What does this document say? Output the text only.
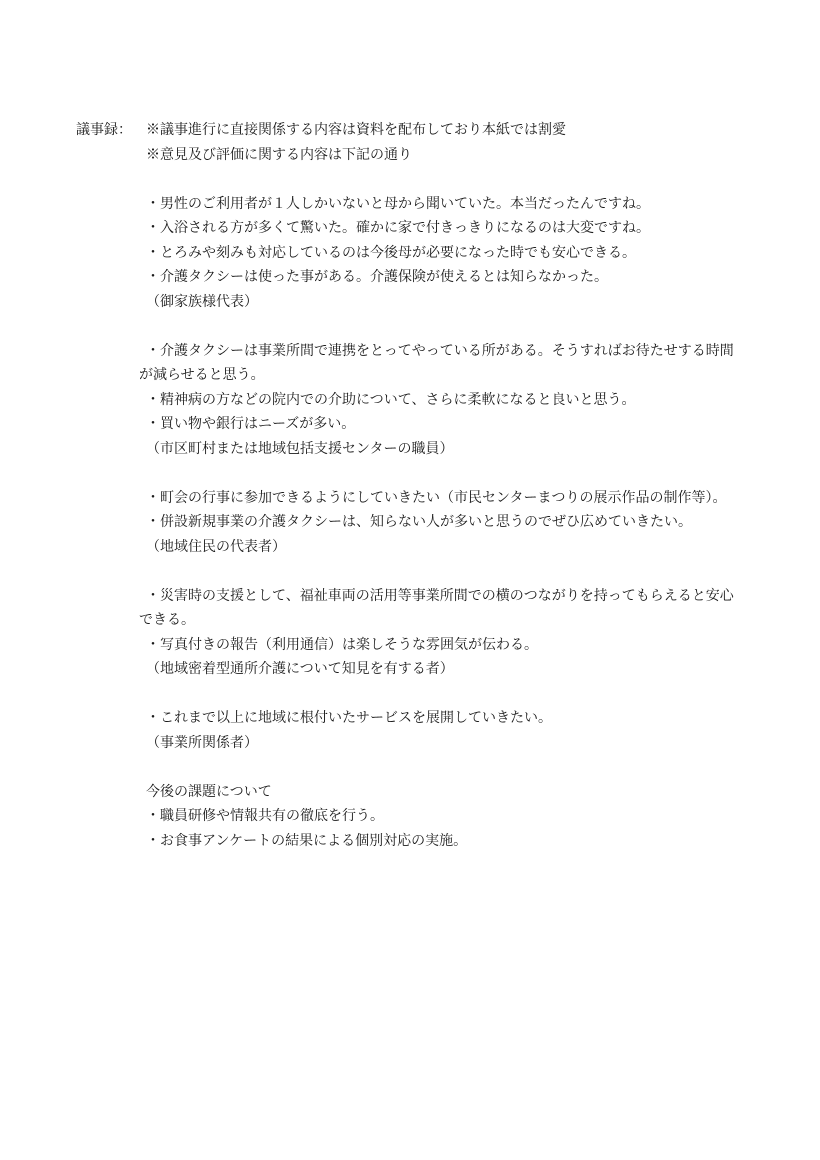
議事録： ※議事進行に直接関係する内容は資料を配布しており本紙では割愛

※意見及び評価に関する内容は下記の通り

・男性のご利用者が１人しかいないと母から聞いていた。本当だったんですね。

・入浴される方が多くて驚いた。確かに家で付きっきりになるのは大変ですね。

・とろみや刻みも対応しているのは今後母が必要になった時でも安心できる。

・介護タクシーは使った事がある。介護保険が使えるとは知らなかった。

（御家族様代表）

・介護タクシーは事業所間で連携をとってやっている所がある。そうすればお待たせする時間

が減らせると思う。

・精神病の方などの院内での介助について、さらに柔軟になると良いと思う。

・買い物や銀行はニーズが多い。

（市区町村または地域包括支援センターの職員）

・町会の行事に参加できるようにしていきたい（市民センターまつりの展示作品の制作等）。

・併設新規事業の介護タクシーは、知らない人が多いと思うのでぜひ広めていきたい。

（地域住民の代表者）

・災害時の支援として、福祉車両の活用等事業所間での横のつながりを持ってもらえると安心

できる。

・写真付きの報告（利用通信）は楽しそうな雰囲気が伝わる。

（地域密着型通所介護について知見を有する者）

・これまで以上に地域に根付いたサービスを展開していきたい。

（事業所関係者）

今後の課題について

・職員研修や情報共有の徹底を行う。

・お食事アンケートの結果による個別対応の実施。
